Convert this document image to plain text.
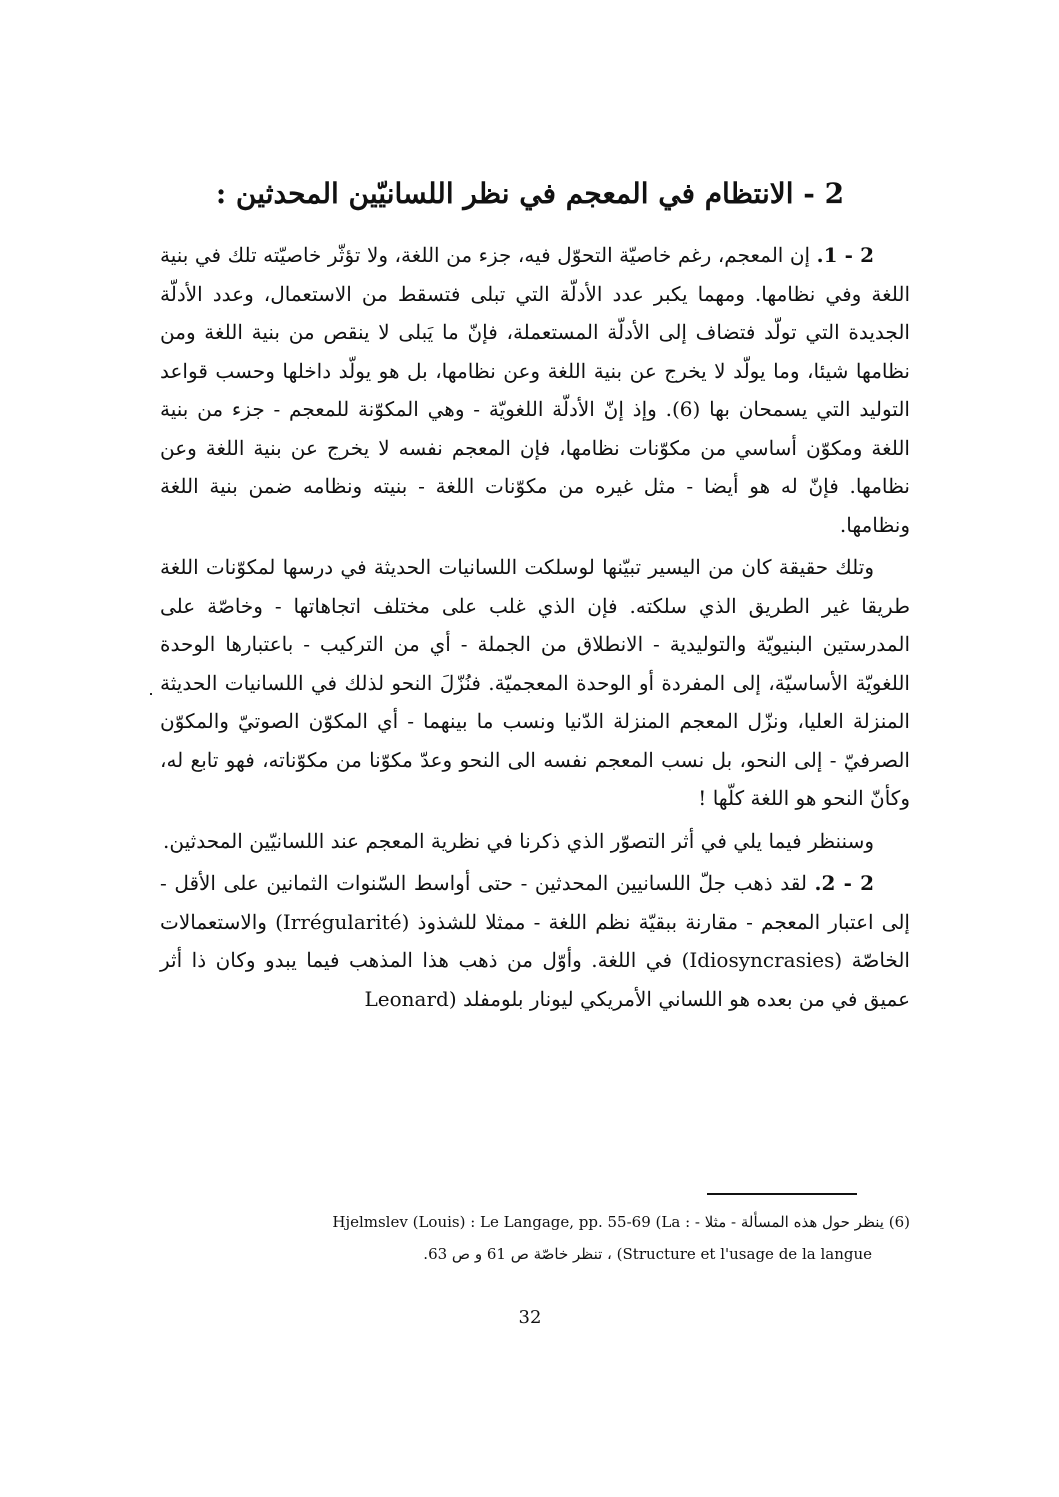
2 - الانتظام في المعجم في نظر اللسانيّين المحدثين :

2 - 1. إن المعجم، رغم خاصيّة التحوّل فيه، جزء من اللغة، ولا تؤثّر خاصيّته تلك في بنية اللغة وفي نظامها. ومهما يكبر عدد الأدلّة التي تبلى فتسقط من الاستعمال، وعدد الأدلّة الجديدة التي تولّد فتضاف إلى الأدلّة المستعملة، فإنّ ما يَبلى لا ينقص من بنية اللغة ومن نظامها شيئا، وما يولّد لا يخرج عن بنية اللغة وعن نظامها، بل هو يولّد داخلها وحسب قواعد التوليد التي يسمحان بها (6). وإذ إنّ الأدلّة اللغويّة - وهي المكوّنة للمعجم - جزء من بنية اللغة ومكوّن أساسي من مكوّنات نظامها، فإن المعجم نفسه لا يخرج عن بنية اللغة وعن نظامها. فإنّ له هو أيضا - مثل غيره من مكوّنات اللغة - بنيته ونظامه ضمن بنية اللغة ونظامها.

وتلك حقيقة كان من اليسير تبيّنها لوسلكت اللسانيات الحديثة في درسها لمكوّنات اللغة طريقا غير الطريق الذي سلكته. فإن الذي غلب على مختلف اتجاهاتها - وخاصّة على المدرستين البنيويّة والتوليدية - الانطلاق من الجملة - أي من التركيب - باعتبارها الوحدة اللغويّة الأساسيّة، إلى المفردة أو الوحدة المعجميّة. فنُزّلَ النحو لذلك في اللسانيات الحديثة المنزلة العليا، ونزّل المعجم المنزلة الدّنيا ونسب ما بينهما - أي المكوّن الصوتيّ والمكوّن الصرفيّ - إلى النحو، بل نسب المعجم نفسه الى النحو وعدّ مكوّنا من مكوّناته، فهو تابع له، وكأنّ النحو هو اللغة كلّها !

وسننظر فيما يلي في أثر التصوّر الذي ذكرنا في نظرية المعجم عند اللسانيّين المحدثين.

2 - 2. لقد ذهب جلّ اللسانيين المحدثين - حتى أواسط السّنوات الثمانين على الأقل - إلى اعتبار المعجم - مقارنة ببقيّة نظم اللغة - ممثلا للشذوذ (Irrégularité) والاستعمالات الخاصّة (Idiosyncrasies) في اللغة. وأوّل من ذهب هذا المذهب فيما يبدو وكان ذا أثر عميق في من بعده هو اللساني الأمريكي ليونار بلومفلد (Leonard

(6) ينظر حول هذه المسألة - مثلا - : Hjelmslev (Louis) : Le Langage, pp. 55-69 (La
Structure et l'usage de la langue) ، تنظر خاصّة ص 61 و ص 63.
32
